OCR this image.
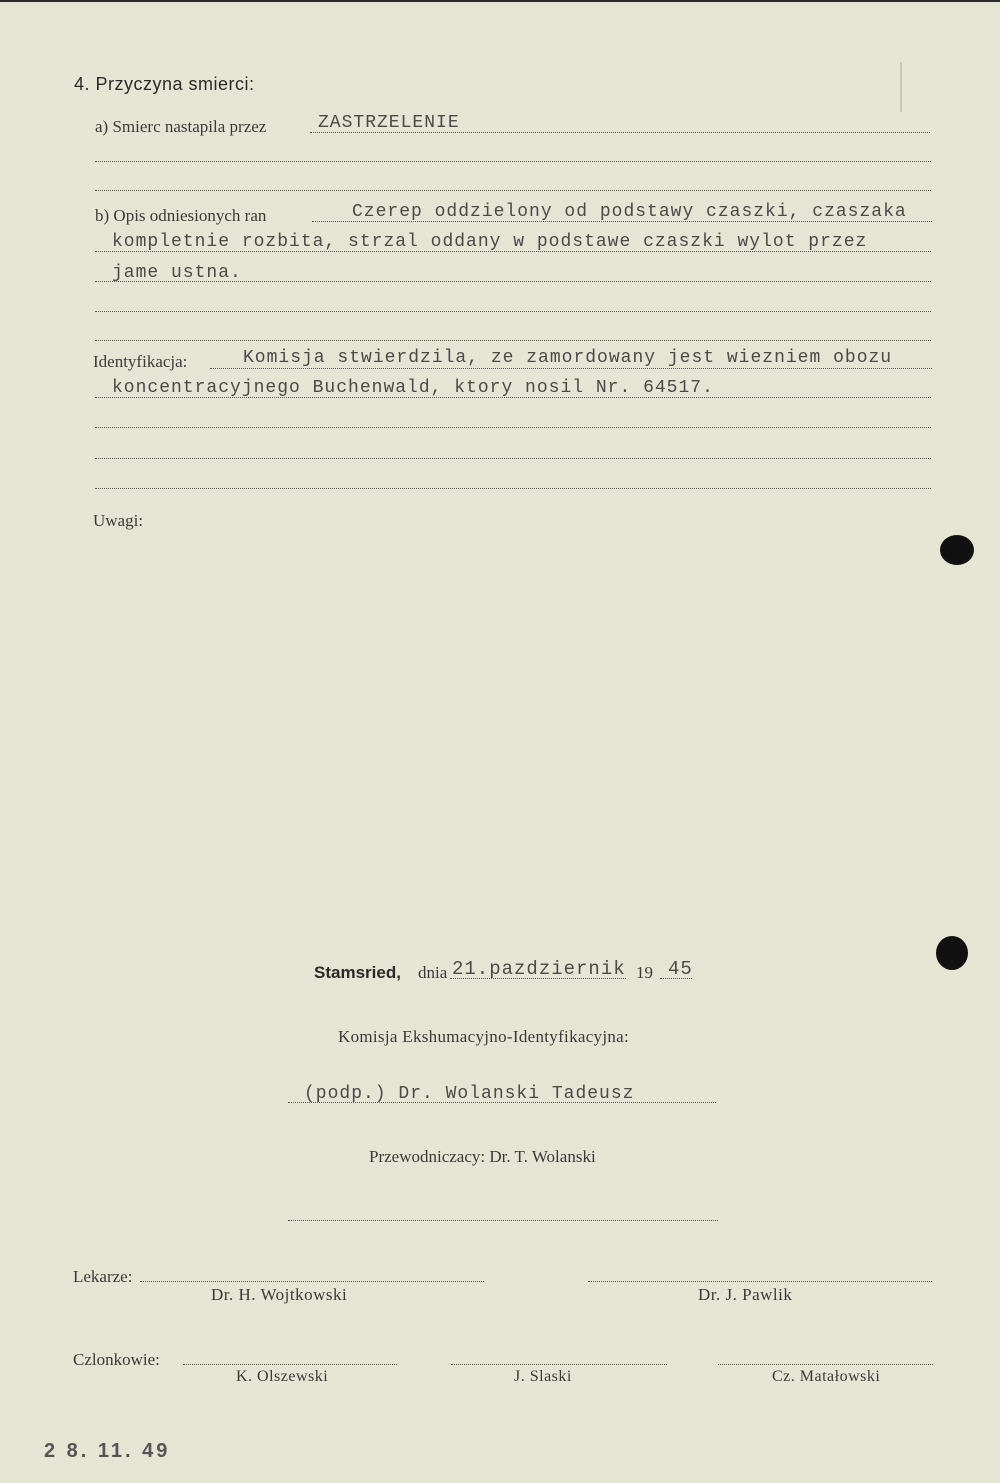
4. Przyczyna smierci:
a) Smierc nastapila przez	ZASTRZELENIE
b) Opis odniesionych ran	Czerep oddzielony od podstawy czaszki, czaszaka
kompletnie rozbita, strzal oddany w podstawe czaszki wylot przez
jame ustna.
Identyfikacja:	Komisja stwierdzila, ze zamordowany jest wiezniem obozu
koncentracyjnego Buchenwald, ktory nosil Nr. 64517.
Uwagi:
Stamsried, dnia 21.pazdziernik 19 45
Komisja Ekshumacyjno-Identyfikacyjna:
(podp.) Dr. Wolanski Tadeusz
Przewodniczacy: Dr. T. Wolanski
Lekarze:
Dr. H. Wojtkowski	Dr. J. Pawlik
Czlonkowie:
K. Olszewski	J. Slaski	Cz. Matałowski
2 8. 11. 49
